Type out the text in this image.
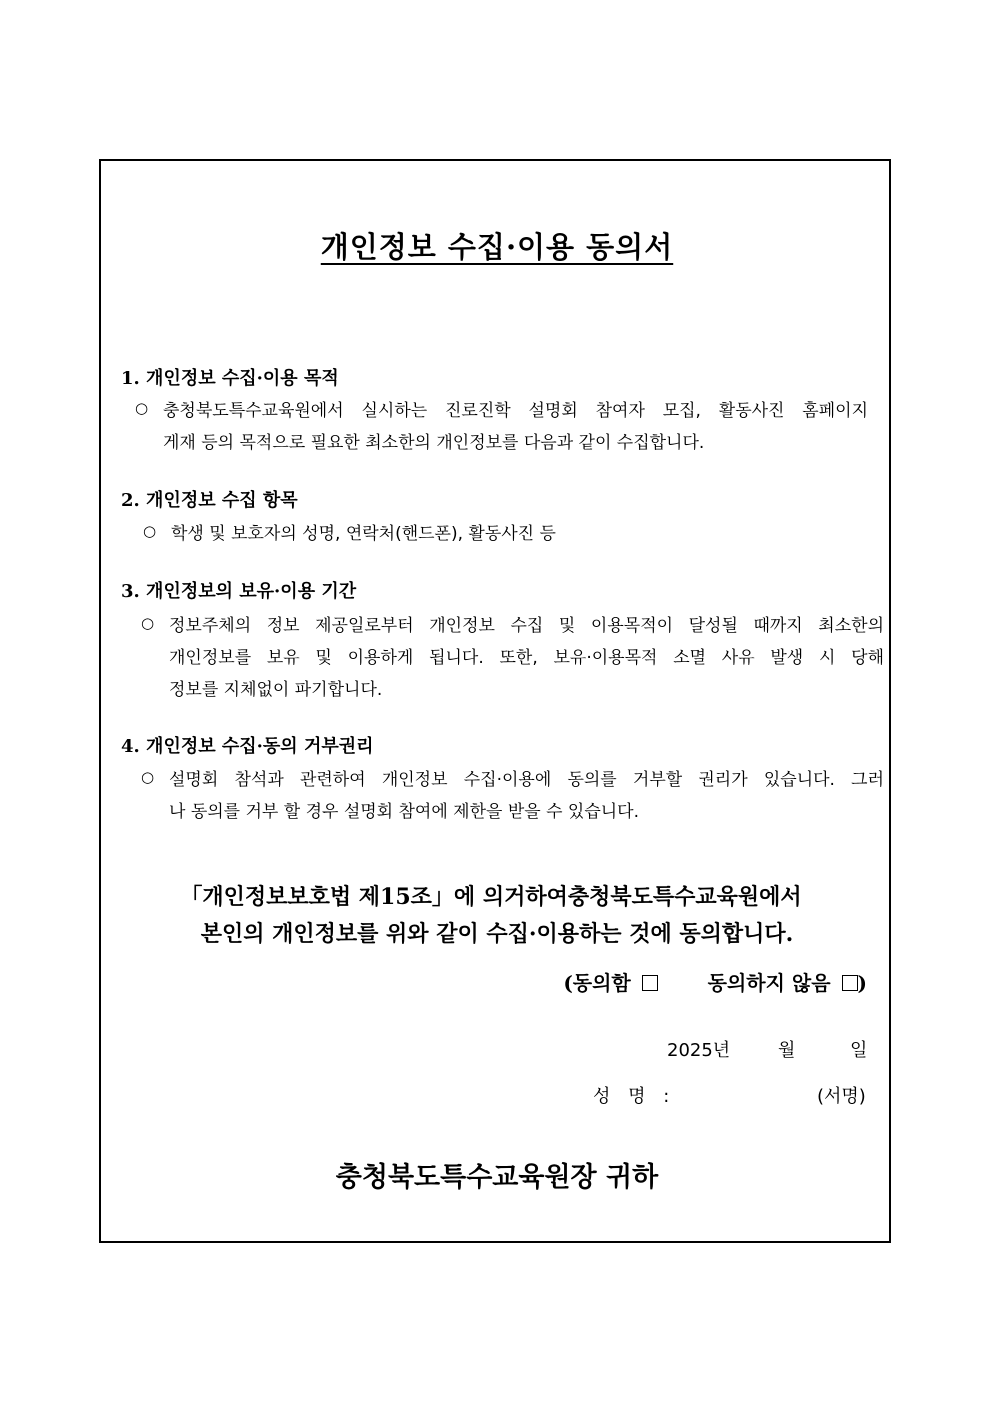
개인정보 수집·이용 동의서
1. 개인정보 수집·이용 목적
○ 충청북도특수교육원에서 실시하는 진로진학 설명회 참여자 모집, 활동사진 홈페이지
게재 등의 목적으로 필요한 최소한의 개인정보를 다음과 같이 수집합니다.
2. 개인정보 수집 항목
○ 학생 및 보호자의 성명, 연락처(핸드폰), 활동사진 등
3. 개인정보의 보유·이용 기간
○ 정보주체의 정보 제공일로부터 개인정보 수집 및 이용목적이 달성될 때까지 최소한의
개인정보를 보유 및 이용하게 됩니다. 또한, 보유·이용목적 소멸 사유 발생 시 당해
정보를 지체없이 파기합니다.
4. 개인정보 수집·동의 거부권리
○ 설명회 참석과 관련하여 개인정보 수집·이용에 동의를 거부할 권리가 있습니다. 그러
나 동의를 거부 할 경우 설명회 참여에 제한을 받을 수 있습니다.
「개인정보보호법 제15조」에 의거하여충청북도특수교육원에서
본인의 개인정보를 위와 같이 수집·이용하는 것에 동의합니다.
(동의함	동의하지 않음 )
2025년	월	일
성 명 :	(서명)
충청북도특수교육원장 귀하
